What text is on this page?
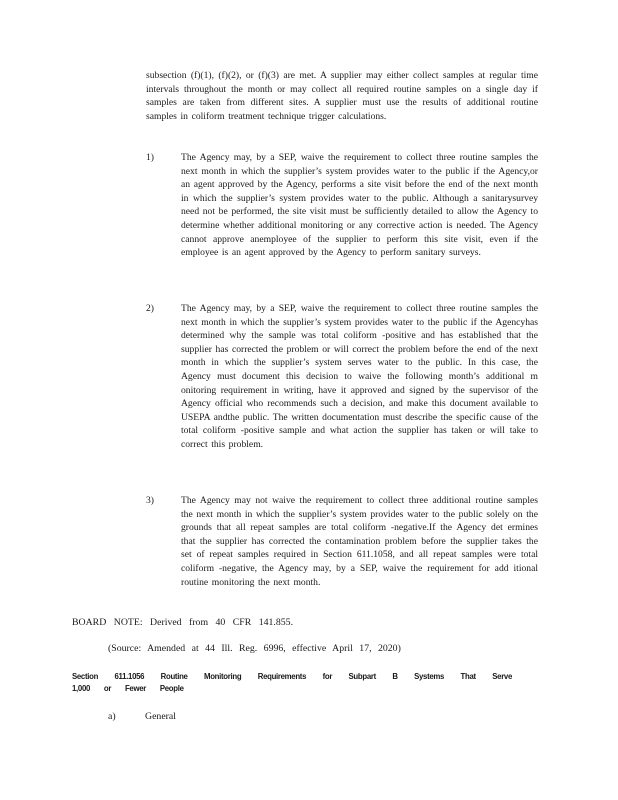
subsection (f)(1), (f)(2), or (f)(3) are met. A supplier may either collect samples at regular time intervals throughout the month or may collect all required routine samples on a single day if samples are taken from different sites. A supplier must use the results of additional routine samples in coliform treatment technique trigger calculations.

1)	The Agency may, by a SEP, waive the requirement to collect three routine samples the next month in which the supplier’s system provides water to the public if the Agency,or an agent approved by the Agency, performs a site visit before the end of the next month in which the supplier’s system provides water to the public. Although a sanitarysurvey need not be performed, the site visit must be sufficiently detailed to allow the Agency to determine whether additional monitoring or any corrective action is needed. The Agency cannot approve anemployee of the supplier to perform this site visit, even if the employee is an agent approved by the Agency to perform sanitary surveys.

2)	The Agency may, by a SEP, waive the requirement to collect three routine samples the next month in which the supplier’s system provides water to the public if the Agencyhas determined why the sample was total coliform -positive and has established that the supplier has corrected the problem or will correct the problem before the end of the next month in which the supplier’s system serves water to the public. In this case, the Agency must document this decision to waive the following month’s additional m onitoring requirement in writing, have it approved and signed by the supervisor of the Agency official who recommends such a decision, and make this document available to USEPA andthe public. The written documentation must describe the specific cause of the total coliform -positive sample and what action the supplier has taken or will take to correct this problem.

3)	The Agency may not waive the requirement to collect three additional routine samples the next month in which the supplier’s system provides water to the public solely on the grounds that all repeat samples are total coliform -negative.If the Agency det ermines that the supplier has corrected the contamination problem before the supplier takes the set of repeat samples required in Section 611.1058, and all repeat samples were total coliform -negative, the Agency may, by a SEP, waive the requirement for add itional routine monitoring the next month.

BOARD NOTE: Derived from 40 CFR 141.855.
(Source: Amended at 44 Ill. Reg. 6996, effective April 17, 2020)
Section 611.1056 Routine Monitoring Requirements for Subpart B Systems That Serve 1,000 or Fewer People
a)	General
